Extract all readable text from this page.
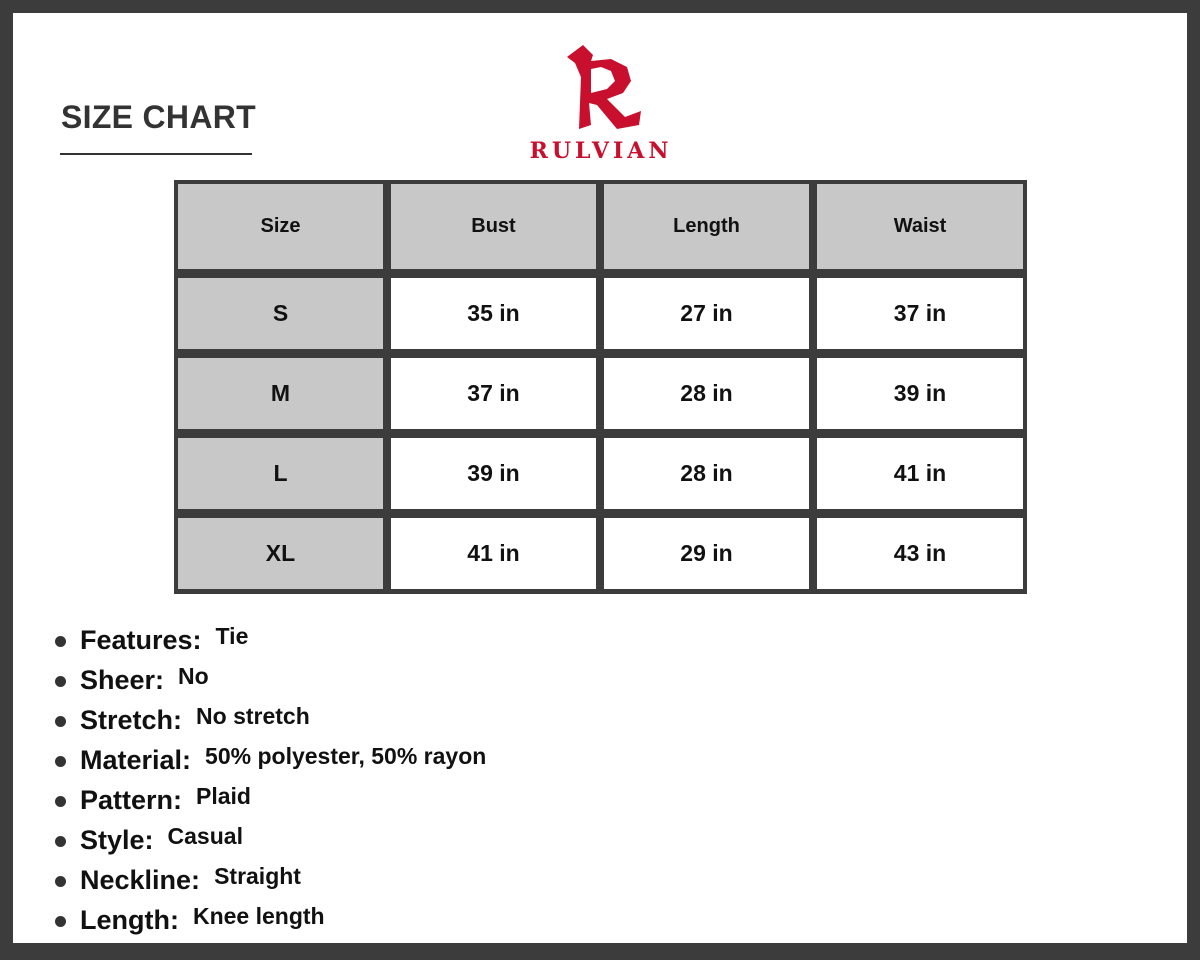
SIZE CHART
RULVIAN
Size	Bust	Length	Waist
S	35 in	27 in	37 in
M	37 in	28 in	39 in
L	39 in	28 in	41 in
XL	41 in	29 in	43 in
Features: Tie
Sheer: No
Stretch: No stretch
Material: 50% polyester, 50% rayon
Pattern: Plaid
Style: Casual
Neckline: Straight
Length: Knee length
